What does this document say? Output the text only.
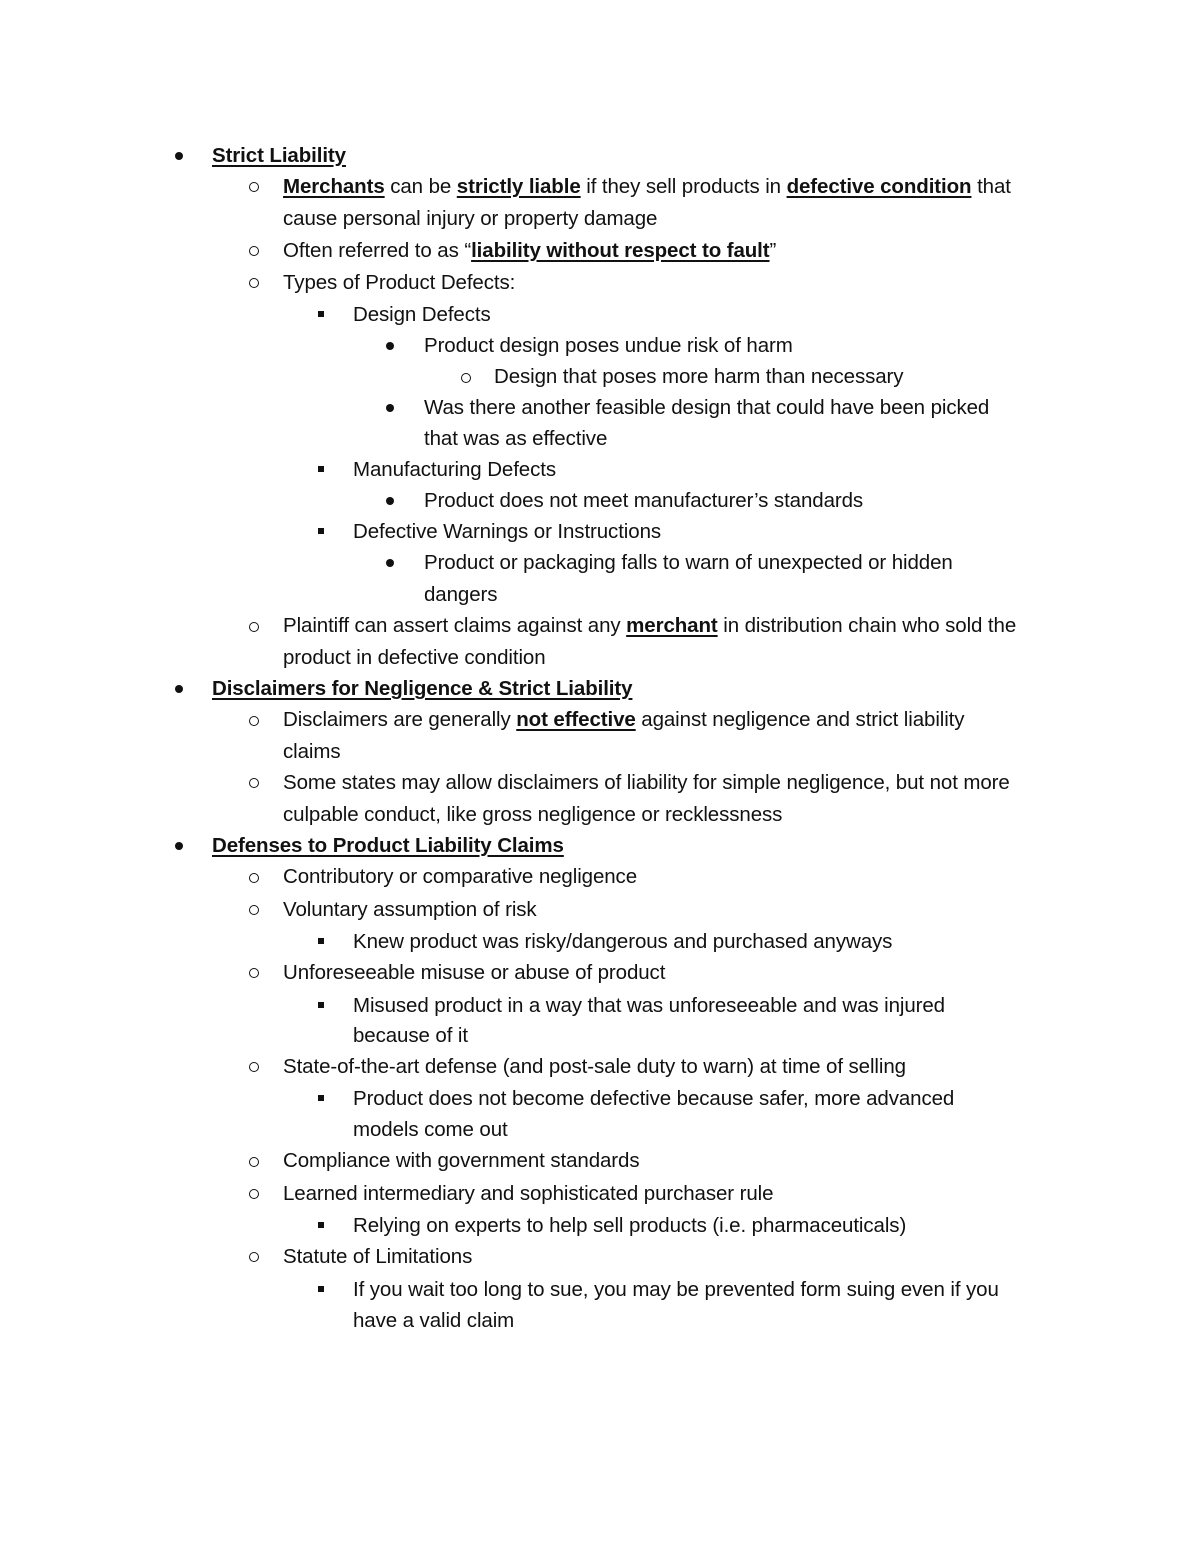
Strict Liability
Merchants can be strictly liable if they sell products in defective condition that
cause personal injury or property damage
Often referred to as “liability without respect to fault”
Types of Product Defects:
Design Defects
Product design poses undue risk of harm
Design that poses more harm than necessary
Was there another feasible design that could have been picked
that was as effective
Manufacturing Defects
Product does not meet manufacturer’s standards
Defective Warnings or Instructions
Product or packaging falls to warn of unexpected or hidden
dangers
Plaintiff can assert claims against any merchant in distribution chain who sold the
product in defective condition
Disclaimers for Negligence & Strict Liability
Disclaimers are generally not effective against negligence and strict liability
claims
Some states may allow disclaimers of liability for simple negligence, but not more
culpable conduct, like gross negligence or recklessness
Defenses to Product Liability Claims
Contributory or comparative negligence
Voluntary assumption of risk
Knew product was risky/dangerous and purchased anyways
Unforeseeable misuse or abuse of product
Misused product in a way that was unforeseeable and was injured
because of it
State-of-the-art defense (and post-sale duty to warn) at time of selling
Product does not become defective because safer, more advanced
models come out
Compliance with government standards
Learned intermediary and sophisticated purchaser rule
Relying on experts to help sell products (i.e. pharmaceuticals)
Statute of Limitations
If you wait too long to sue, you may be prevented form suing even if you
have a valid claim
